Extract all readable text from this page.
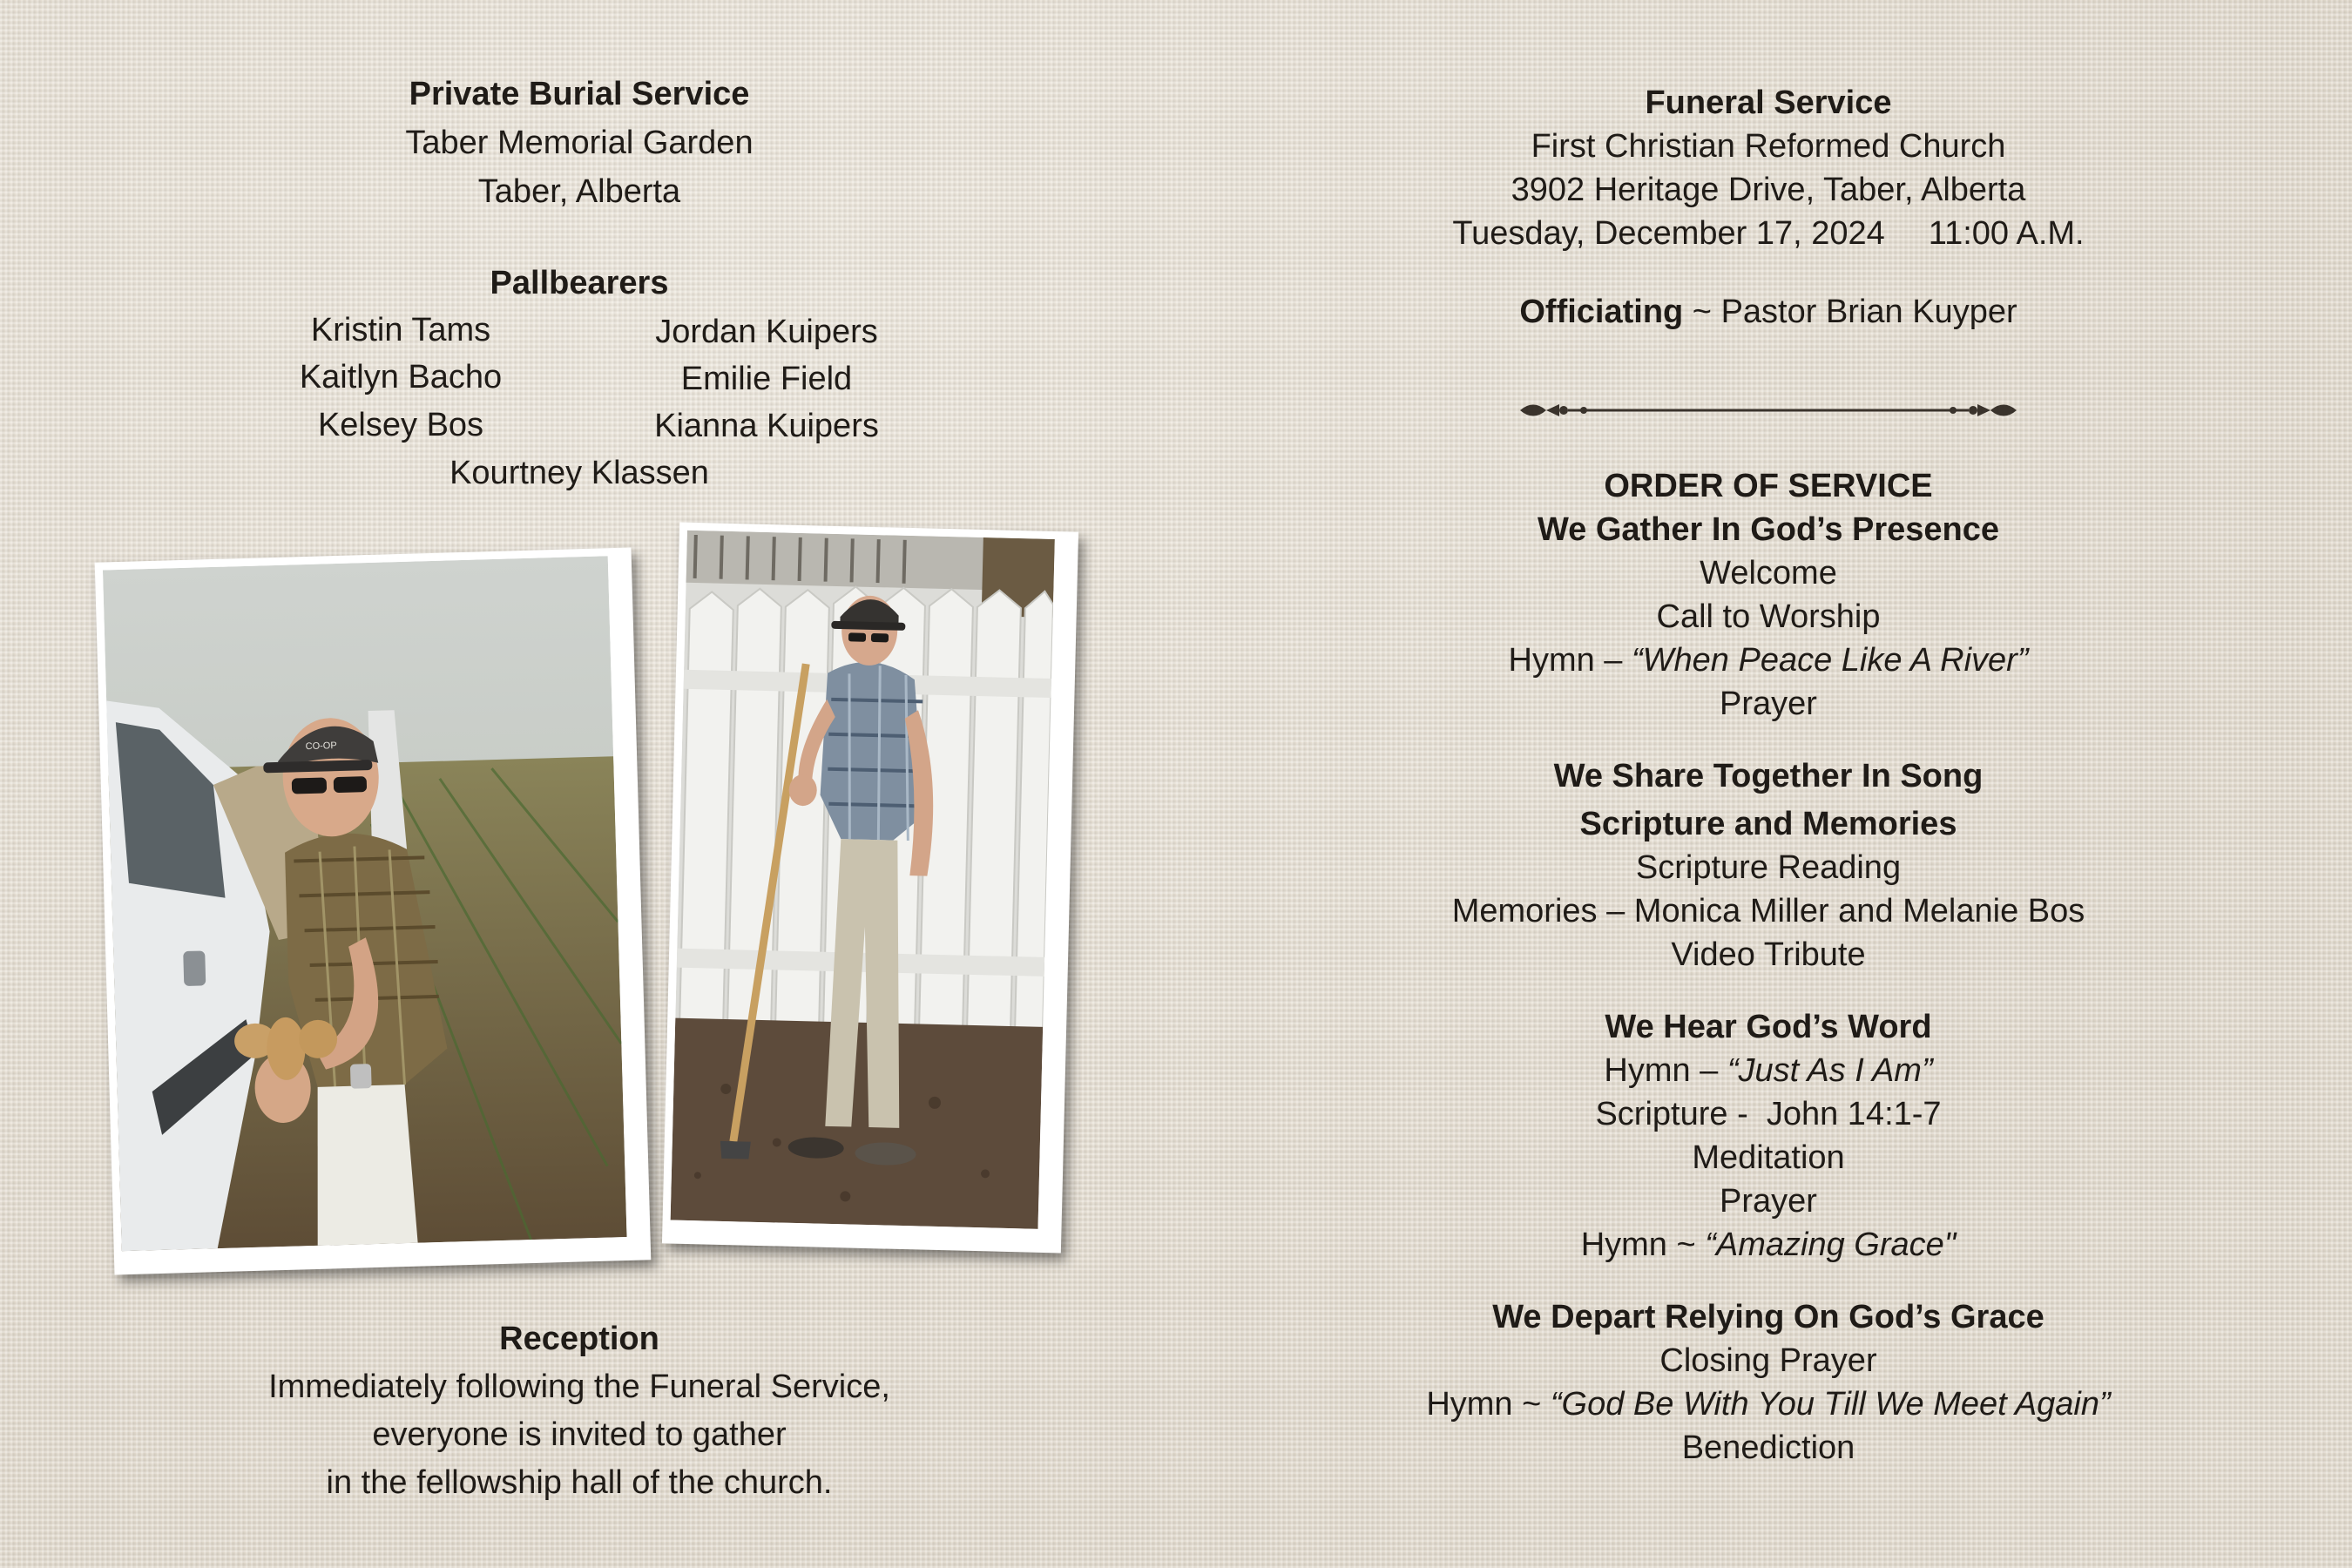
Private Burial Service
Taber Memorial Garden
Taber, Alberta
Pallbearers
Kristin Tams	Jordan Kuipers
Kaitlyn Bacho	Emilie Field
Kelsey Bos	Kianna Kuipers
Kourtney Klassen
CO-OP
Reception
Immediately following the Funeral Service,
everyone is invited to gather
in the fellowship hall of the church.
Funeral Service
First Christian Reformed Church
3902 Heritage Drive, Taber, Alberta
Tuesday, December 17, 2024 11:00 A.M.
Officiating ~ Pastor Brian Kuyper
ORDER OF SERVICE
We Gather In God’s Presence
Welcome
Call to Worship
Hymn – “When Peace Like A River”
Prayer
We Share Together In Song
Scripture and Memories
Scripture Reading
Memories – Monica Miller and Melanie Bos
Video Tribute
We Hear God’s Word
Hymn – “Just As I Am”
Scripture -  John 14:1-7
Meditation
Prayer
Hymn ~ “Amazing Grace"
We Depart Relying On God’s Grace
Closing Prayer
Hymn ~ “God Be With You Till We Meet Again”
Benediction
